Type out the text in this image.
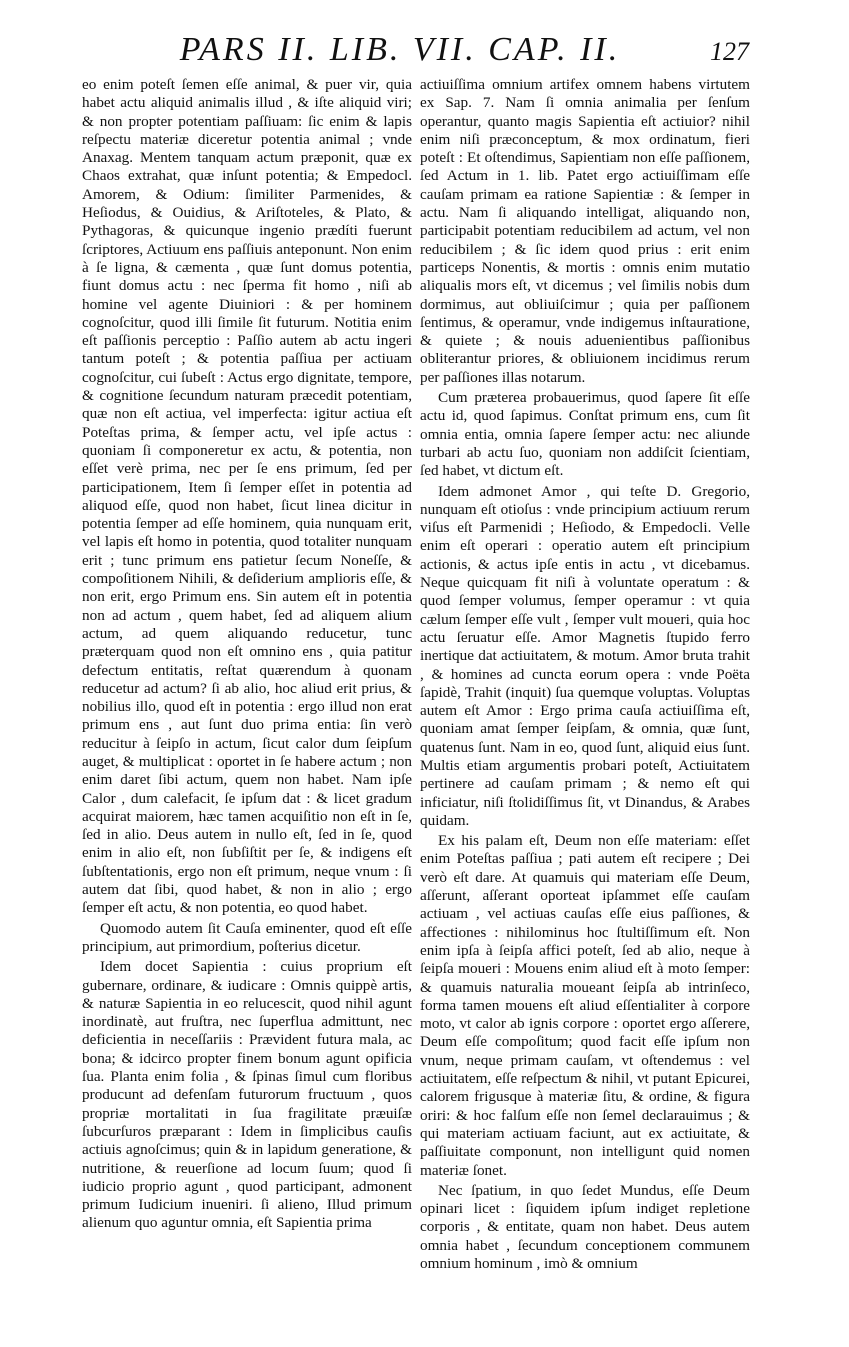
PARS II. LIB. VII. CAP. II.	127

eo enim poteſt ſemen eſſe animal, & puer vir, quia habet actu aliquid animalis illud , & iſte aliquid viri; & non propter potentiam paſſiuam: ſic enim & lapis reſpectu materiæ diceretur potentia animal ; vnde Anaxag. Mentem tanquam actum præponit, quæ ex Chaos extrahat, quæ inſunt potentia; & Empedocl. Amorem, & Odium: ſimiliter Parmenides, & Heſiodus, & Ouidius, & Ariſtoteles, & Plato, & Pythagoras, & quicunque ingenio prædíti fuerunt ſcriptores, Actiuum ens paſſiuis anteponunt. Non enim à ſe ligna, & cæmenta , quæ ſunt domus potentia, fiunt domus actu : nec ſperma fit homo , niſi ab homine vel agente Diuiniori : & per hominem cognoſcitur, quod illi ſimile ſit futurum. Notitia enim eſt paſſionis perceptio : Paſſio autem ab actu ingeri tantum poteſt ; & potentia paſſiua per actiuam cognoſcitur, cui ſubeſt : Actus ergo dignitate, tempore, & cognitione ſecundum naturam præcedit potentiam, quæ non eſt actiua, vel imperfecta: igitur actiua eſt Poteſtas prima, & ſemper actu, vel ipſe actus : quoniam ſi componeretur ex actu, & potentia, non eſſet verè prima, nec per ſe ens primum, ſed per participationem, Item ſi ſemper eſſet in potentia ad aliquod eſſe, quod non habet, ſicut linea dicitur in potentia ſemper ad eſſe hominem, quia nunquam erit, vel lapis eſt homo in potentia, quod totaliter nunquam erit ; tunc primum ens patietur ſecum Noneſſe, & compoſitionem Nihili, & deſiderium amplioris eſſe, & non erit, ergo Primum ens. Sin autem eſt in potentia non ad actum , quem habet, ſed ad aliquem alium actum, ad quem aliquando reducetur, tunc præterquam quod non eſt omnino ens , quia patitur defectum entitatis, reſtat quærendum à quonam reducetur ad actum? ſi ab alio, hoc aliud erit prius, & nobilius illo, quod eſt in potentia : ergo illud non erat primum ens , aut ſunt duo prima entia: ſin verò reducitur à ſeipſo in actum, ſicut calor dum ſeipſum auget, & multiplicat : oportet in ſe habere actum ; non enim daret ſibi actum, quem non habet. Nam ipſe Calor , dum calefacit, ſe ipſum dat : & licet gradum acquirat maiorem, hæc tamen acquiſitio non eſt in ſe, ſed in alio. Deus autem in nullo eſt, ſed in ſe, quod enim in alio eſt, non ſubſiſtit per ſe, & indigens eſt ſubſtentationis, ergo non eſt primum, neque vnum : ſi autem dat ſibi, quod habet, & non in alio ; ergo ſemper eſt actu, & non potentia, eo quod habet.

Quomodo autem ſit Cauſa eminenter, quod eſt eſſe principium, aut primordium, poſterius dicetur.

Idem docet Sapientia : cuius proprium eſt gubernare, ordinare, & iudicare : Omnis quippè artis, & naturæ Sapientia in eo relucescit, quod nihil agunt inordinatè, aut fruſtra, nec ſuperflua admittunt, nec deficientia in neceſſariis : Prævident futura mala, ac bona; & idcirco propter finem bonum agunt opificia ſua. Planta enim folia , & ſpinas ſimul cum floribus producunt ad defenſam futurorum fructuum , quos propriæ mortalitati in ſua fragilitate præuiſæ ſubcurſuros præparant : Idem in ſimplicibus cauſis actiuis agnoſcimus; quin & in lapidum generatione, & nutritione, & reuerſione ad locum ſuum; quod ſi iudicio proprio agunt , quod participant, admonent primum Iudicium inueniri. ſi alieno, Illud primum alienum quo aguntur omnia, eſt Sapientia prima

actiuiſſima omnium artifex omnem habens virtutem ex Sap. 7. Nam ſi omnia animalia per ſenſum operantur, quanto magis Sapientia eſt actiuior? nihil enim niſi præconceptum, & mox ordinatum, fieri poteſt : Et oſtendimus, Sapientiam non eſſe paſſionem, ſed Actum in 1. lib. Patet ergo actiuiſſimam eſſe cauſam primam ea ratione Sapientiæ : & ſemper in actu. Nam ſi aliquando intelligat, aliquando non, participabit potentiam reducibilem ad actum, vel non reducibilem ; & ſic idem quod prius : erit enim particeps Nonentis, & mortis : omnis enim mutatio aliqualis mors eſt, vt dicemus ; vel ſimilis nobis dum dormimus, aut obliuiſcimur ; quia per paſſionem ſentimus, & operamur, vnde indigemus inſtauratione, & quiete ; & nouis aduenientibus paſſionibus obliterantur priores, & obliuionem incidimus rerum per paſſiones illas notarum.

Cum præterea probauerimus, quod ſapere ſit eſſe actu id, quod ſapimus. Conſtat primum ens, cum ſit omnia entia, omnia ſapere ſemper actu: nec aliunde turbari ab actu ſuo, quoniam non addiſcit ſcientiam, ſed habet, vt dictum eſt.

Idem admonet Amor , qui teſte D. Gregorio, nunquam eſt otioſus : vnde principium actiuum rerum viſus eſt Parmenidi ; Heſiodo, & Empedocli. Velle enim eſt operari : operatio autem eſt principium actionis, & actus ipſe entis in actu , vt dicebamus. Neque quicquam fit niſi à voluntate operatum : & quod ſemper volumus, ſemper operamur : vt quia cælum ſemper eſſe vult , ſemper vult moueri, quia hoc actu ſeruatur eſſe. Amor Magnetis ſtupido ferro inertique dat actiuitatem, & motum. Amor bruta trahit , & homines ad cuncta eorum opera : vnde Poëta ſapidè, Trahit (inquit) ſua quemque voluptas. Voluptas autem eſt Amor : Ergo prima cauſa actiuiſſima eſt, quoniam amat ſemper ſeipſam, & omnia, quæ ſunt, quatenus ſunt. Nam in eo, quod ſunt, aliquid eius ſunt. Multis etiam argumentis probari poteſt, Actiuitatem pertinere ad cauſam primam ; & nemo eſt qui inficiatur, niſi ſtolidiſſimus ſit, vt Dinandus, & Arabes quidam.

Ex his palam eſt, Deum non eſſe materiam: eſſet enim Poteſtas paſſiua ; pati autem eſt recipere ; Dei verò eſt dare. At quamuis qui materiam eſſe Deum, aſſerunt, aſſerant oporteat ipſammet eſſe cauſam actiuam , vel actiuas cauſas eſſe eius paſſiones, & affectiones : nihilominus hoc ſtultiſſimum eſt. Non enim ipſa à ſeipſa affici poteſt, ſed ab alio, neque à ſeipſa moueri : Mouens enim aliud eſt à moto ſemper: & quamuis naturalia moueant ſeipſa ab intrinſeco, forma tamen mouens eſt aliud eſſentialiter à corpore moto, vt calor ab ignis corpore : oportet ergo aſſerere, Deum eſſe compoſitum; quod facit eſſe ipſum non vnum, neque primam cauſam, vt oſtendemus : vel actiuitatem, eſſe reſpectum & nihil, vt putant Epicurei, calorem frigusque à materiæ ſitu, & ordine, & figura oriri: & hoc falſum eſſe non ſemel declarauimus ; & qui materiam actiuam faciunt, aut ex actiuitate, & paſſiuitate componunt, non intelligunt quid nomen materiæ ſonet.

Nec ſpatium, in quo ſedet Mundus, eſſe Deum opinari licet : ſiquidem ipſum indiget repletione corporis , & entitate, quam non habet. Deus autem omnia habet , ſecundum conceptionem communem omnium hominum , imò & omnium
